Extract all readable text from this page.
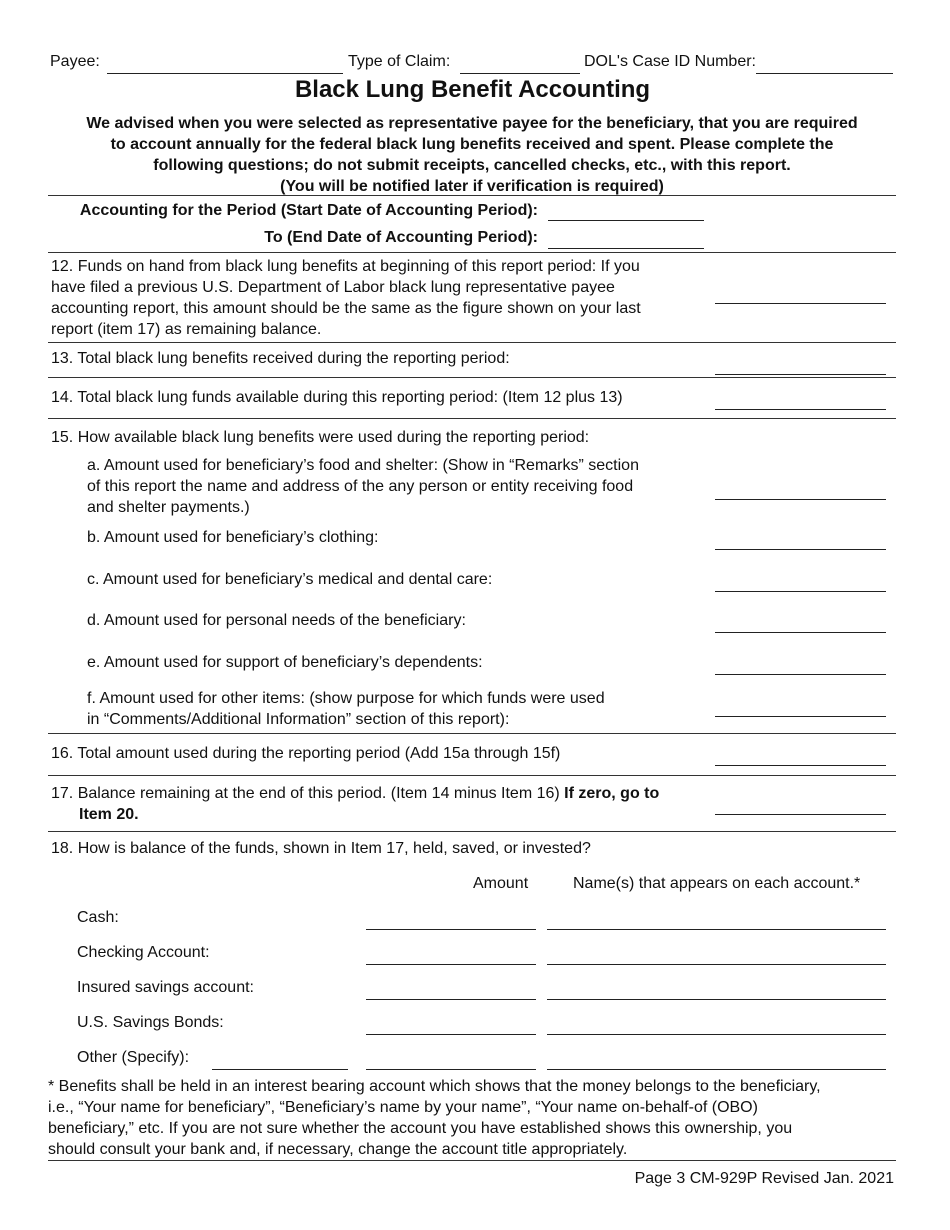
Payee:	Type of Claim:	DOL's Case ID Number:
Black Lung Benefit Accounting
We advised when you were selected as representative payee for the beneficiary, that you are required
to account annually for the federal black lung benefits received and spent. Please complete the
following questions; do not submit receipts, cancelled checks, etc., with this report.
(You will be notified later if verification is required)
Accounting for the Period (Start Date of Accounting Period):
To (End Date of Accounting Period):
12. Funds on hand from black lung benefits at beginning of this report period: If you
have filed a previous U.S. Department of Labor black lung representative payee
accounting report, this amount should be the same as the figure shown on your last
report (item 17) as remaining balance.
13. Total black lung benefits received during the reporting period:
14. Total black lung funds available during this reporting period: (Item 12 plus 13)
15. How available black lung benefits were used during the reporting period:
a. Amount used for beneficiary’s food and shelter: (Show in “Remarks” section
of this report the name and address of the any person or entity receiving food
and shelter payments.)
b. Amount used for beneficiary’s clothing:
c. Amount used for beneficiary’s medical and dental care:
d. Amount used for personal needs of the beneficiary:
e. Amount used for support of beneficiary’s dependents:
f. Amount used for other items: (show purpose for which funds were used
in “Comments/Additional Information” section of this report):
16. Total amount used during the reporting period (Add 15a through 15f)
17. Balance remaining at the end of this period. (Item 14 minus Item 16) If zero, go to
Item 20.
18. How is balance of the funds, shown in Item 17, held, saved, or invested?
Amount	Name(s) that appears on each account.*
Cash:
Checking Account:
Insured savings account:
U.S. Savings Bonds:
Other (Specify):
* Benefits shall be held in an interest bearing account which shows that the money belongs to the beneficiary,
i.e., “Your name for beneficiary”, “Beneficiary’s name by your name”, “Your name on-behalf-of (OBO)
beneficiary,” etc. If you are not sure whether the account you have established shows this ownership, you
should consult your bank and, if necessary, change the account title appropriately.
Page 3 CM-929P Revised Jan. 2021
